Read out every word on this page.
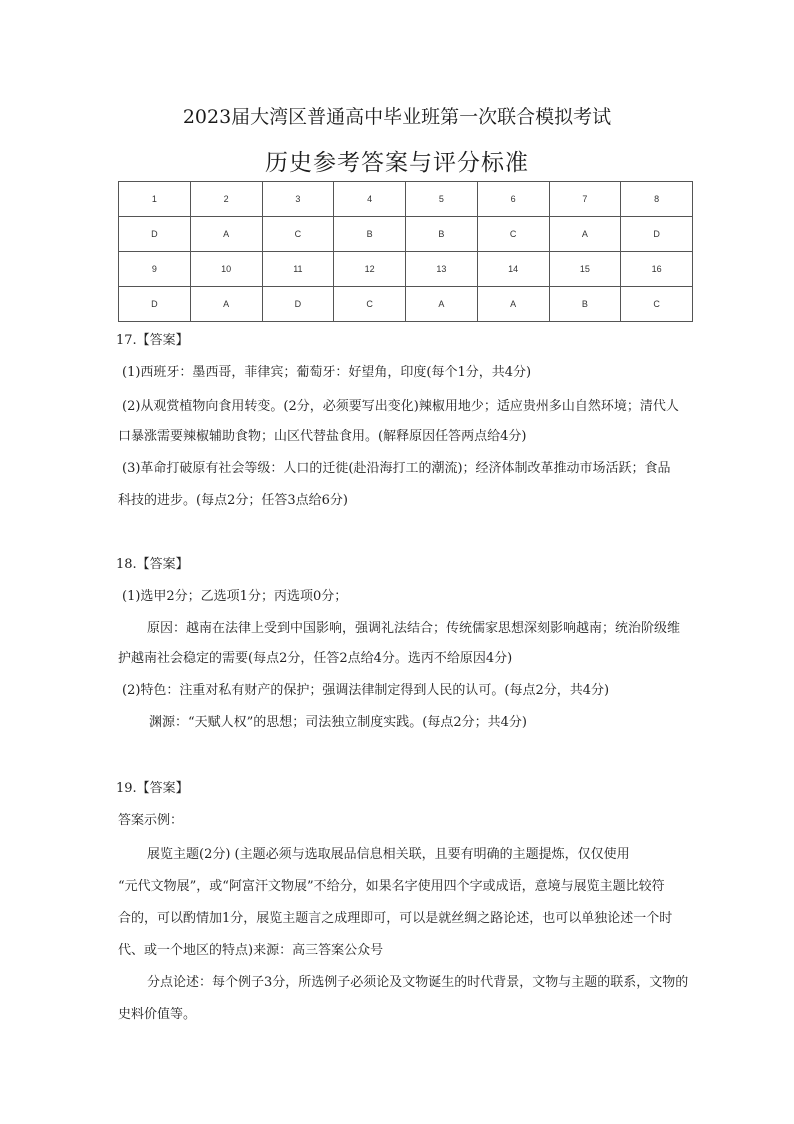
2023届大湾区普通高中毕业班第一次联合模拟考试
历史参考答案与评分标准
1	2	3	4	5	6	7	8
D	A	C	B	B	C	A	D
9	10	11	12	13	14	15	16
D	A	D	C	A	A	B	C
17.【答案】
(1)西班牙：墨西哥，菲律宾；葡萄牙：好望角，印度(每个1分，共4分)
(2)从观赏植物向食用转变。(2分，必须要写出变化)辣椒用地少；适应贵州多山自然环境；清代人
口暴涨需要辣椒辅助食物；山区代替盐食用。(解释原因任答两点给4分)
(3)革命打破原有社会等级：人口的迁徙(赴沿海打工的潮流)；经济体制改革推动市场活跃；食品
科技的进步。(每点2分；任答3点给6分)
18.【答案】
(1)选甲2分；乙选项1分；丙选项0分；
原因：越南在法律上受到中国影响，强调礼法结合；传统儒家思想深刻影响越南；统治阶级维
护越南社会稳定的需要(每点2分，任答2点给4分。选丙不给原因4分)
(2)特色：注重对私有财产的保护；强调法律制定得到人民的认可。(每点2分，共4分)
渊源：“天赋人权”的思想；司法独立制度实践。(每点2分；共4分)
19.【答案】
答案示例：
展览主题(2分) (主题必须与选取展品信息相关联，且要有明确的主题提炼，仅仅使用
“元代文物展”，或“阿富汗文物展”不给分，如果名字使用四个字或成语，意境与展览主题比较符
合的，可以酌情加1分，展览主题言之成理即可，可以是就丝绸之路论述，也可以单独论述一个时
代、或一个地区的特点)来源：高三答案公众号
分点论述：每个例子3分，所选例子必须论及文物诞生的时代背景，文物与主题的联系，文物的
史料价值等。
